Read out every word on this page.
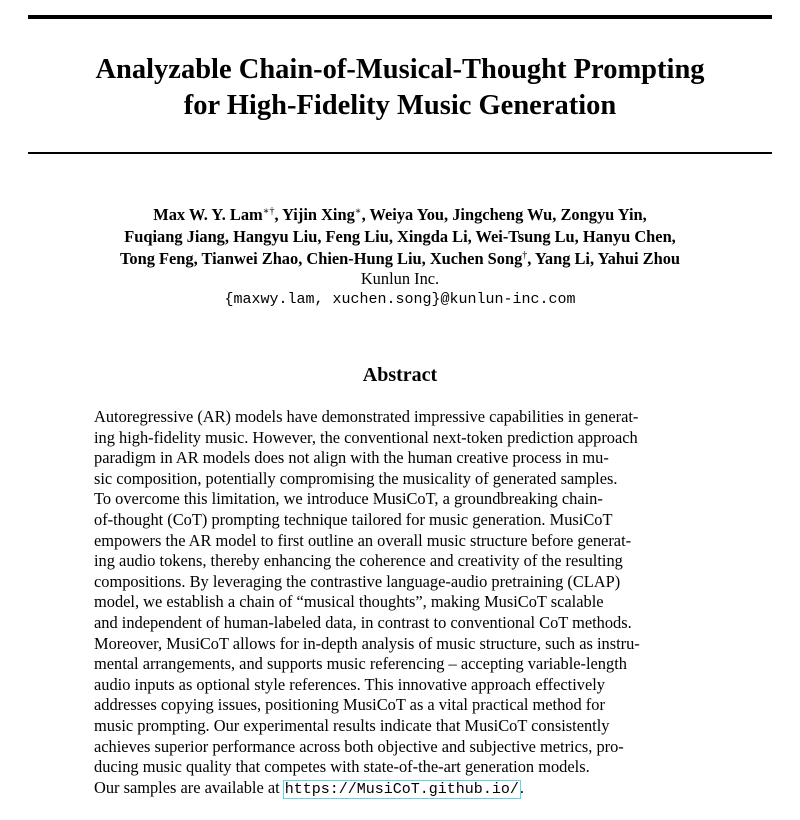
Analyzable Chain-of-Musical-Thought Prompting
for High-Fidelity Music Generation
Max W. Y. Lam∗†, Yijin Xing∗, Weiya You, Jingcheng Wu, Zongyu Yin,
Fuqiang Jiang, Hangyu Liu, Feng Liu, Xingda Li, Wei-Tsung Lu, Hanyu Chen,
Tong Feng, Tianwei Zhao, Chien-Hung Liu, Xuchen Song†, Yang Li, Yahui Zhou
Kunlun Inc.
{maxwy.lam, xuchen.song}@kunlun-inc.com
Abstract
Autoregressive (AR) models have demonstrated impressive capabilities in generat-
ing high-fidelity music. However, the conventional next-token prediction approach
paradigm in AR models does not align with the human creative process in mu-
sic composition, potentially compromising the musicality of generated samples.
To overcome this limitation, we introduce MusiCoT, a groundbreaking chain-
of-thought (CoT) prompting technique tailored for music generation. MusiCoT
empowers the AR model to first outline an overall music structure before generat-
ing audio tokens, thereby enhancing the coherence and creativity of the resulting
compositions. By leveraging the contrastive language-audio pretraining (CLAP)
model, we establish a chain of “musical thoughts”, making MusiCoT scalable
and independent of human-labeled data, in contrast to conventional CoT methods.
Moreover, MusiCoT allows for in-depth analysis of music structure, such as instru-
mental arrangements, and supports music referencing – accepting variable-length
audio inputs as optional style references. This innovative approach effectively
addresses copying issues, positioning MusiCoT as a vital practical method for
music prompting. Our experimental results indicate that MusiCoT consistently
achieves superior performance across both objective and subjective metrics, pro-
ducing music quality that competes with state-of-the-art generation models.
Our samples are available at https://MusiCoT.github.io/.
